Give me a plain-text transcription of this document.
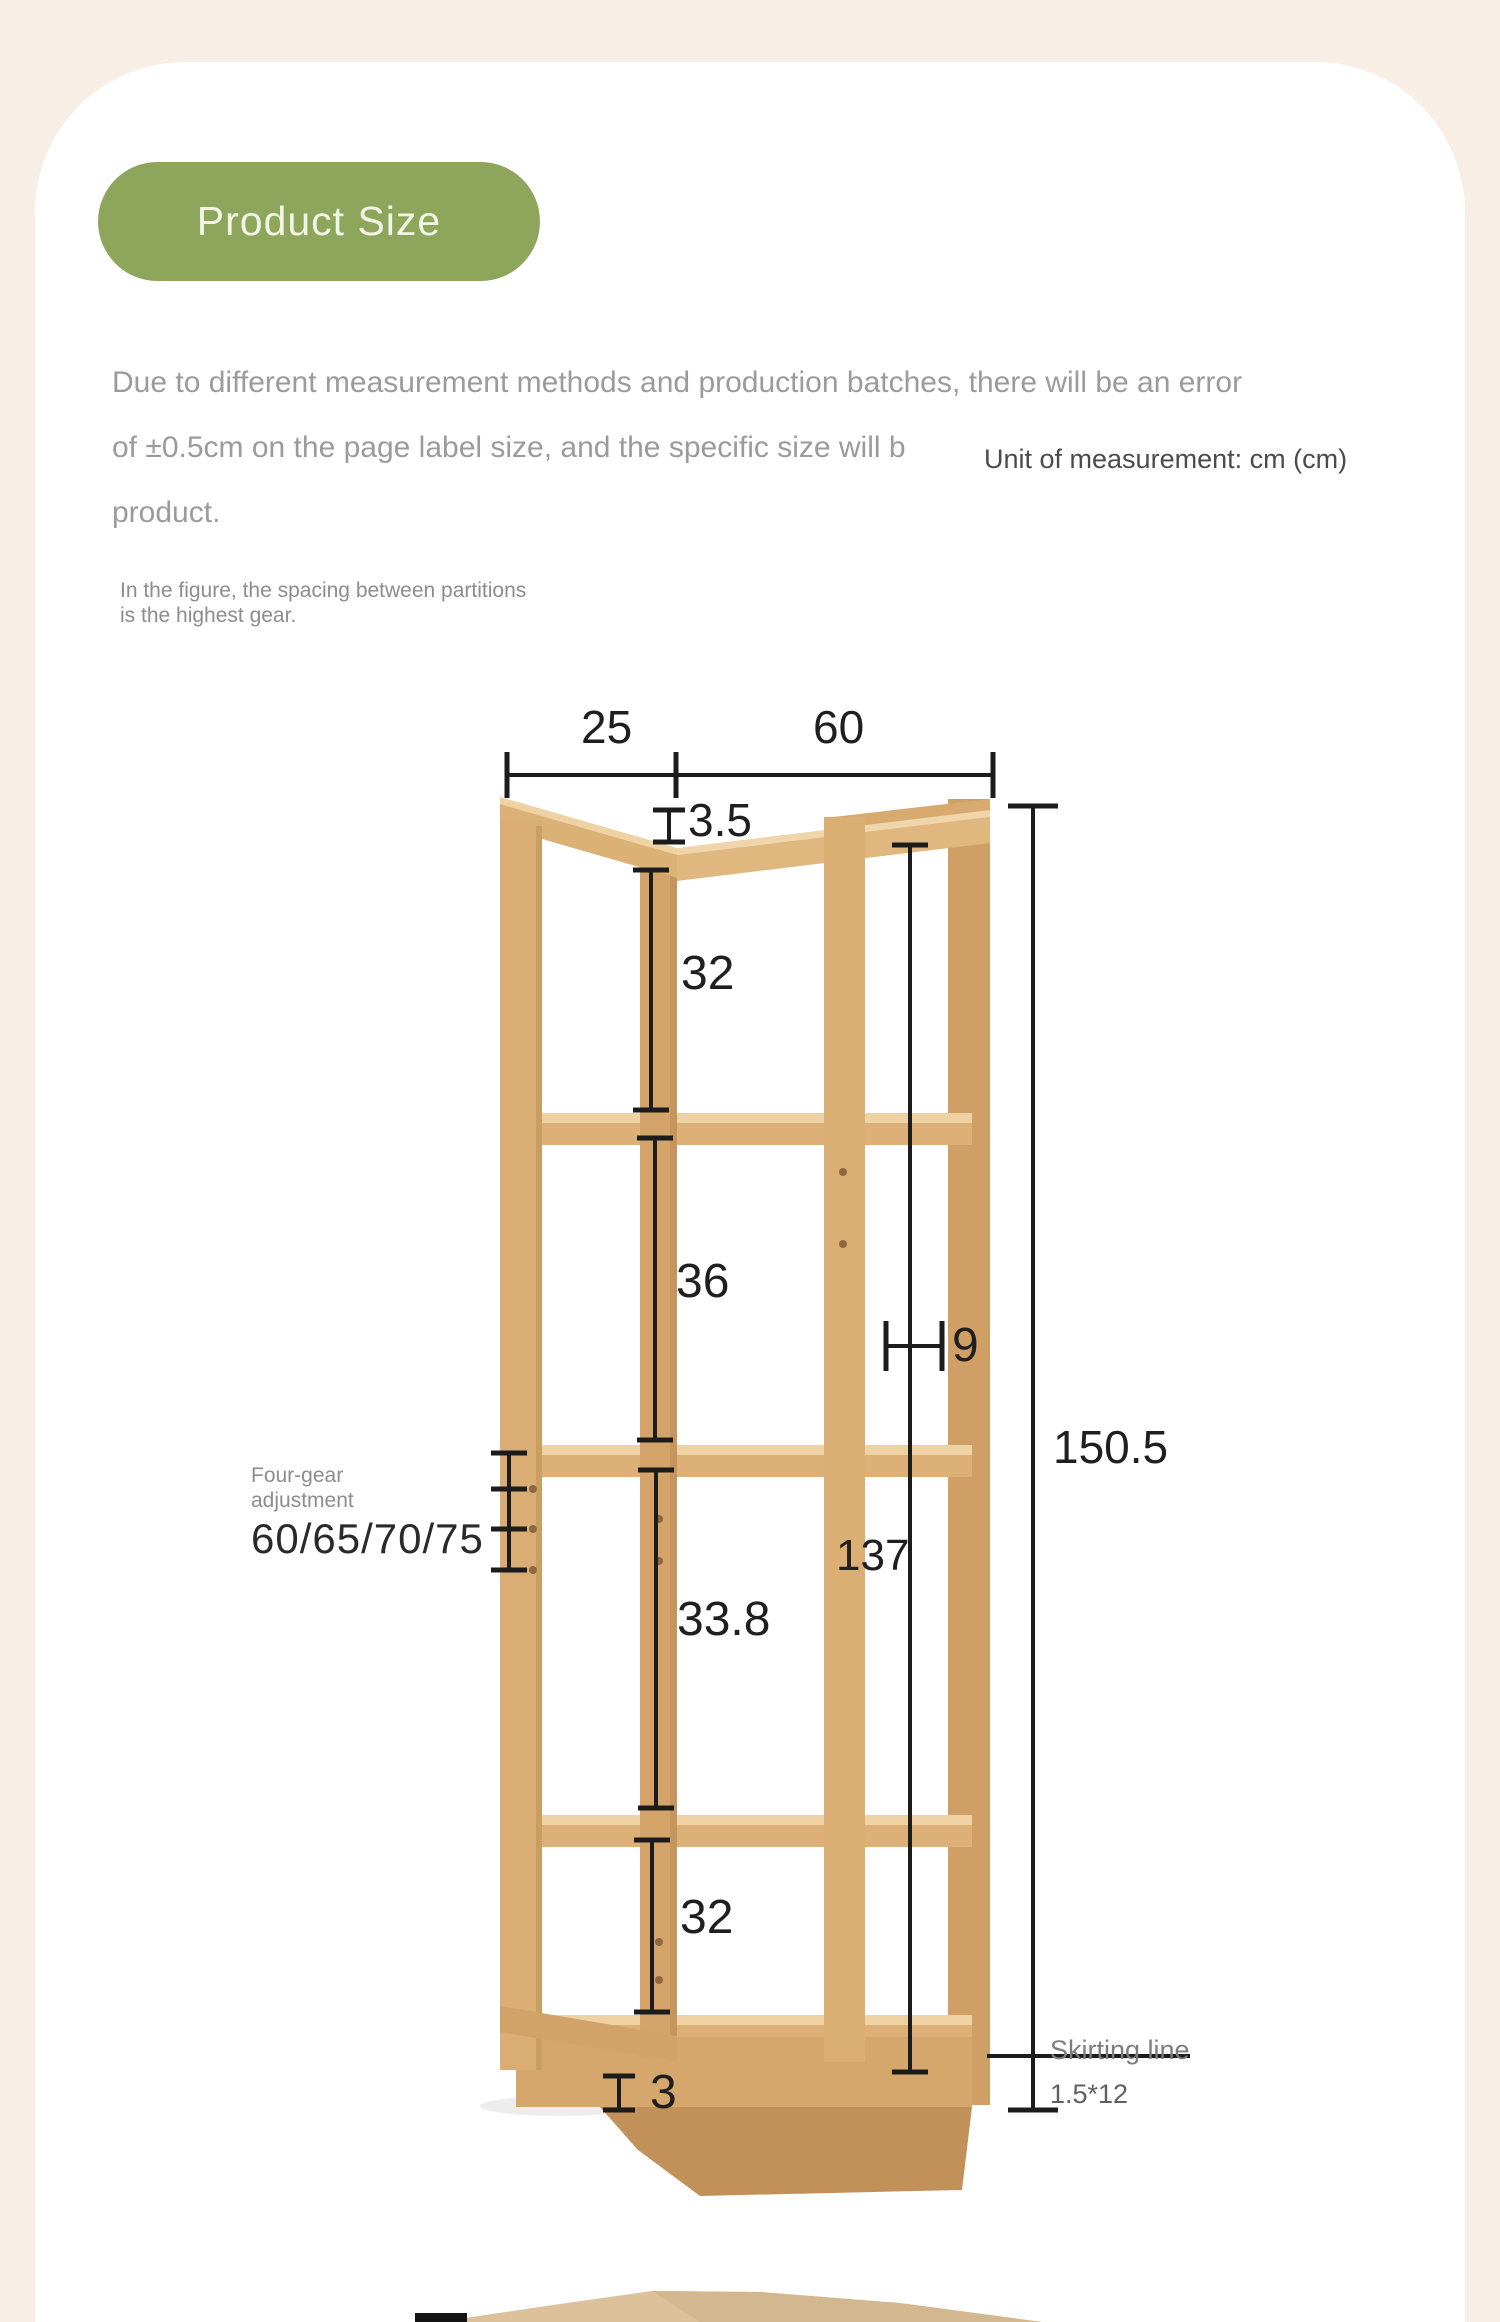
Product Size
Due to different measurement methods and production batches, there will be an error
of ±0.5cm on the page label size, and the specific size will b
product.
Unit of measurement: cm (cm)
In the figure, the spacing between partitions
is the highest gear.
25	60
3.5
32
36
9
150.5
137
33.8
32
3
60/65/70/75
Four-gear
adjustment
Skirting line
1.5*12
